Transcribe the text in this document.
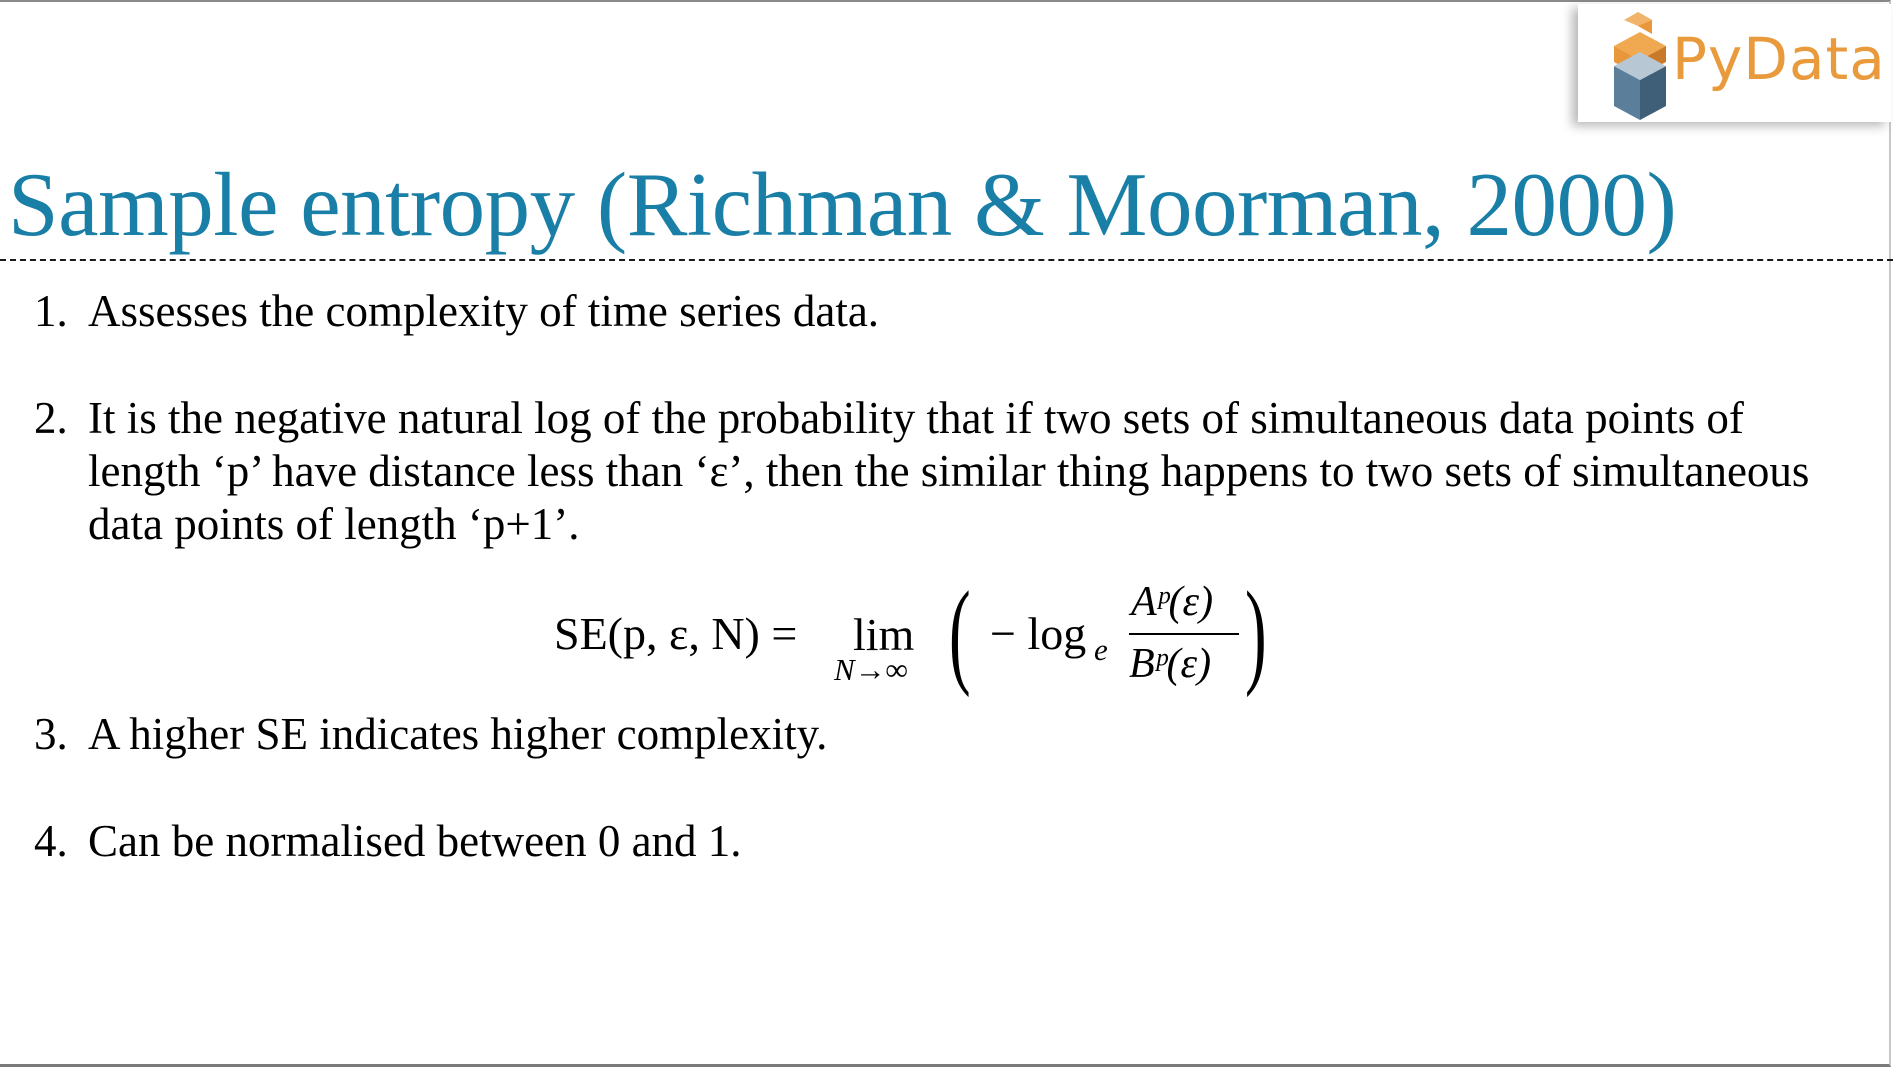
PyData
Sample entropy (Richman & Moorman, 2000)
1. Assesses the complexity of time series data.
2. It is the negative natural log of the probability that if two sets of simultaneous data points of length ‘p’ have distance less than ‘ε’, then the similar thing happens to two sets of simultaneous data points of length ‘p+1’.
SE(p, ε, N) = lim
N→∞ ( − log e
Aᵖ(ε)
Bᵖ(ε) )
3. A higher SE indicates higher complexity.
4. Can be normalised between 0 and 1.
